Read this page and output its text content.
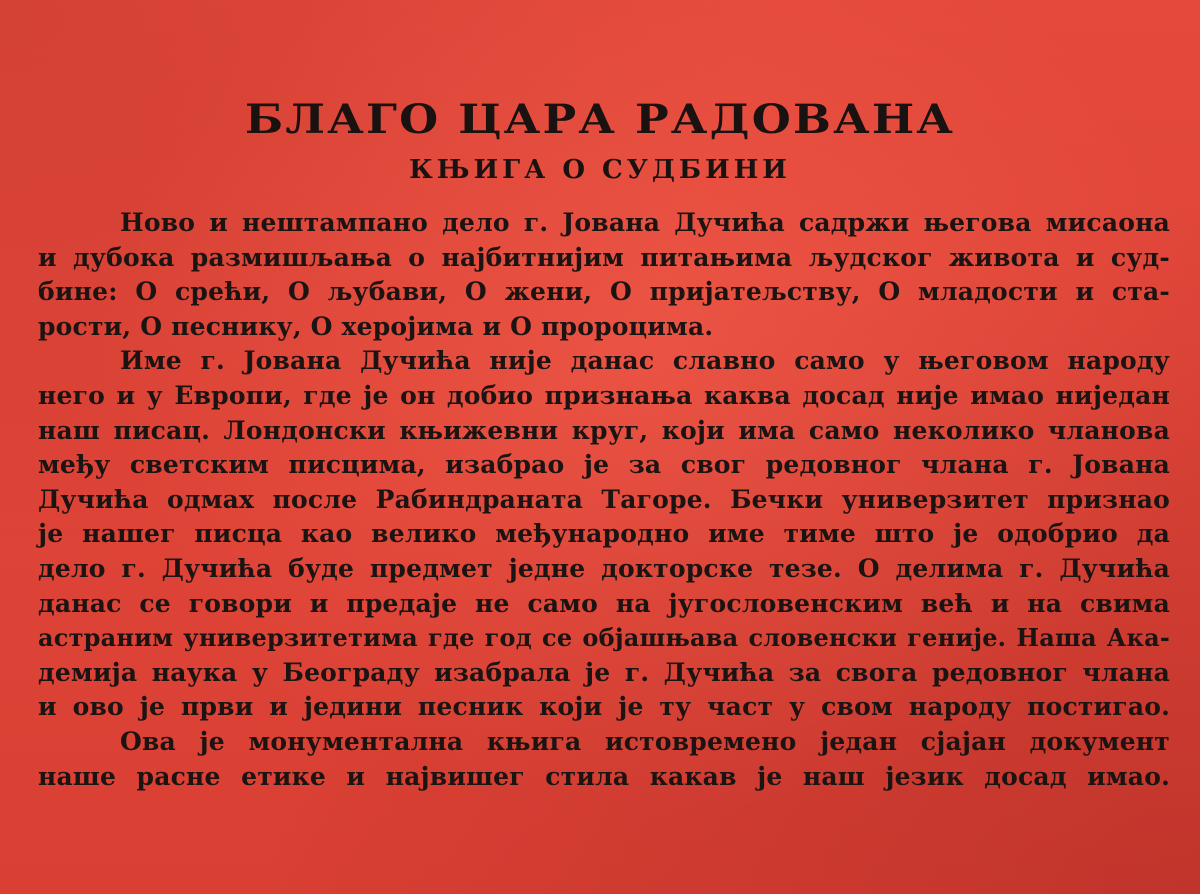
БЛАГО ЦАРА РАДОВАНА
КЊИГА О СУДБИНИ
Ново и нештампано дело г. Јована Дучића садржи његова мисаона
и дубока размишљања о најбитнијим питањима људског живота и суд-
бине: О срећи, О љубави, О жени, О пријатељству, О младости и ста-
рости, О песнику, О херојима и О пророцима.
Име г. Јована Дучића није данас славно само у његовом народу
него и у Европи, где је он добио признања каква досад није имао ниједан
наш писац. Лондонски књижевни круг, који има само неколико чланова
међу светским писцима, изабрао је за свог редовног члана г. Јована
Дучића одмах после Рабиндраната Тагоре. Бечки универзитет признао
је нашег писца као велико међународно име тиме што је одобрио да
дело г. Дучића буде предмет једне докторске тезе. О делима г. Дучића
данас се говори и предаје не само на југословенским већ и на свима
астраним универзитетима где год се објашњава словенски геније. Наша Ака-
демија наука у Београду изабрала је г. Дучића за свога редовног члана
и ово је први и једини песник који је ту част у свом народу постигао.
Ова је монументална књига истовремено један сјајан документ
наше расне етике и највишег стила какав је наш језик досад имао.
